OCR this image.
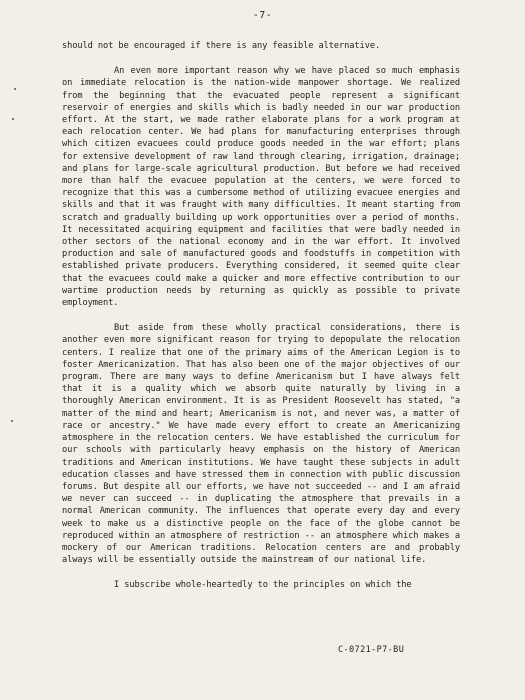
-7-

should not be encouraged if there is any feasible alternative.

An even more important reason why we have placed so much emphasis on immediate relocation is the nation-wide manpower shortage. We realized from the beginning that the evacuated people represent a significant reservoir of energies and skills which is badly needed in our war production effort. At the start, we made rather elaborate plans for a work program at each relocation center. We had plans for manufacturing enterprises through which citizen evacuees could produce goods needed in the war effort; plans for extensive development of raw land through clearing, irrigation, drainage; and plans for large-scale agricultural production. But before we had received more than half the evacuee population at the centers, we were forced to recognize that this was a cumbersome method of utilizing evacuee energies and skills and that it was fraught with many difficulties. It meant starting from scratch and gradually building up work opportunities over a period of months. It necessitated acquiring equipment and facilities that were badly needed in other sectors of the national economy and in the war effort. It involved production and sale of manufactured goods and foodstuffs in competition with established private producers. Everything considered, it seemed quite clear that the evacuees could make a quicker and more effective contribution to our wartime production needs by returning as quickly as possible to private employment.

But aside from these wholly practical considerations, there is another even more significant reason for trying to depopulate the relocation centers. I realize that one of the primary aims of the American Legion is to foster Americanization. That has also been one of the major objectives of our program. There are many ways to define Americanism but I have always felt that it is a quality which we absorb quite naturally by living in a thoroughly American environment. It is as President Roosevelt has stated, "a matter of the mind and heart; Americanism is not, and never was, a matter of race or ancestry." We have made every effort to create an Americanizing atmosphere in the relocation centers. We have established the curriculum for our schools with particularly heavy emphasis on the history of American traditions and American institutions. We have taught these subjects in adult education classes and have stressed them in connection with public discussion forums. But despite all our efforts, we have not succeeded -- and I am afraid we never can succeed -- in duplicating the atmosphere that prevails in a normal American community. The influences that operate every day and every week to make us a distinctive people on the face of the globe cannot be reproduced within an atmosphere of restriction -- an atmosphere which makes a mockery of our American traditions. Relocation centers are and probably always will be essentially outside the mainstream of our national life.

I subscribe whole-heartedly to the principles on which the

C-0721-P7-BU
